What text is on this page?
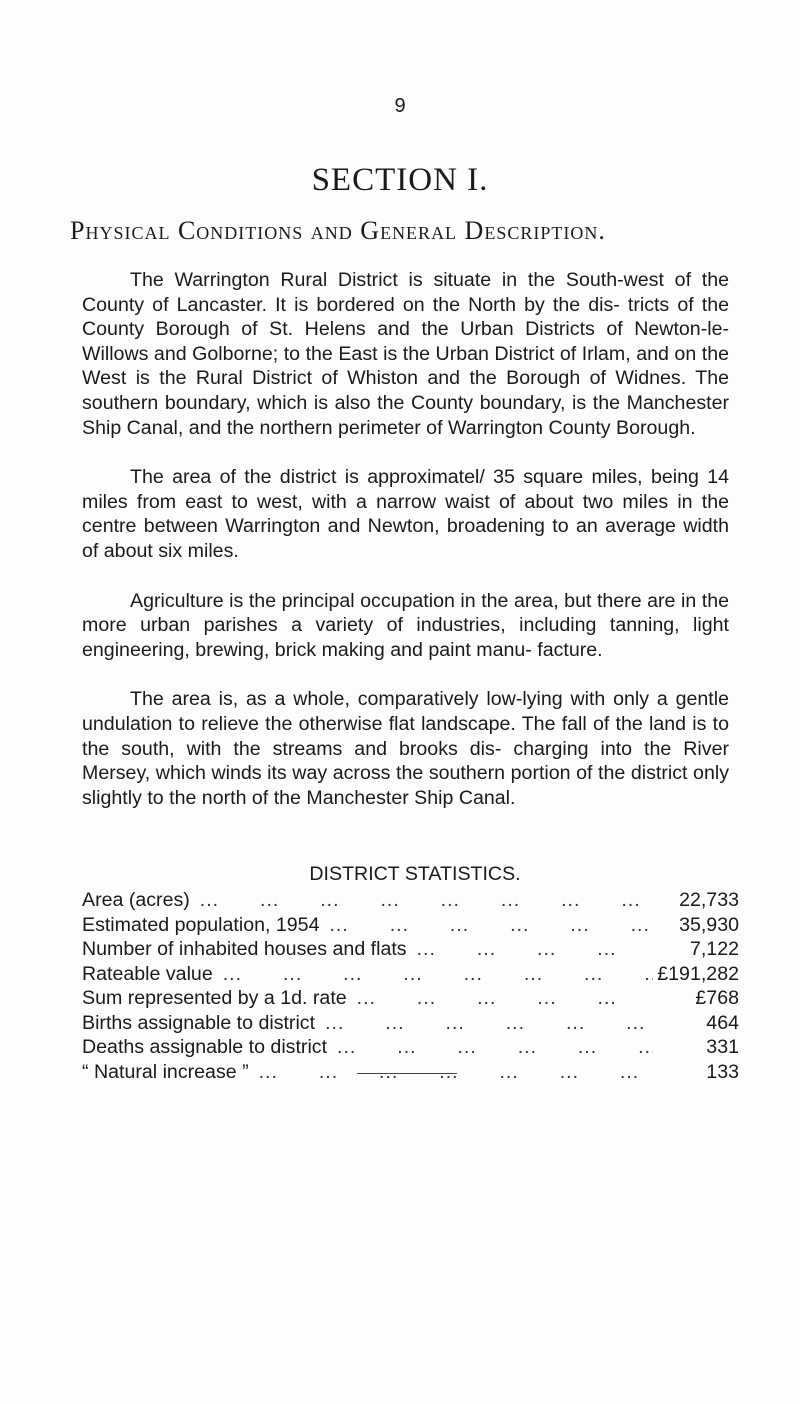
9
SECTION I.
Physical Conditions and General Description.

The Warrington Rural District is situate in the South-west of the County of Lancaster. It is bordered on the North by the dis- tricts of the County Borough of St. Helens and the Urban Districts of Newton-le-Willows and Golborne; to the East is the Urban District of Irlam, and on the West is the Rural District of Whiston and the Borough of Widnes. The southern boundary, which is also the County boundary, is the Manchester Ship Canal, and the northern perimeter of Warrington County Borough.

The area of the district is approximatel/ 35 square miles, being 14 miles from east to west, with a narrow waist of about two miles in the centre between Warrington and Newton, broadening to an average width of about six miles.

Agriculture is the principal occupation in the area, but there are in the more urban parishes a variety of industries, including tanning, light engineering, brewing, brick making and paint manu- facture.

The area is, as a whole, comparatively low-lying with only a gentle undulation to relieve the otherwise flat landscape. The fall of the land is to the south, with the streams and brooks dis- charging into the River Mersey, which winds its way across the southern portion of the district only slightly to the north of the Manchester Ship Canal.

DISTRICT STATISTICS.
Area (acres) ...	22,733
Estimated population, 1954 ...	35,930
Number of inhabited houses and flats ...	7,122
Rateable value ...	£191,282
Sum represented by a 1d. rate ...	£768
Births assignable to district ...	464
Deaths assignable to district ...	331
“ Natural increase ” ...	133
